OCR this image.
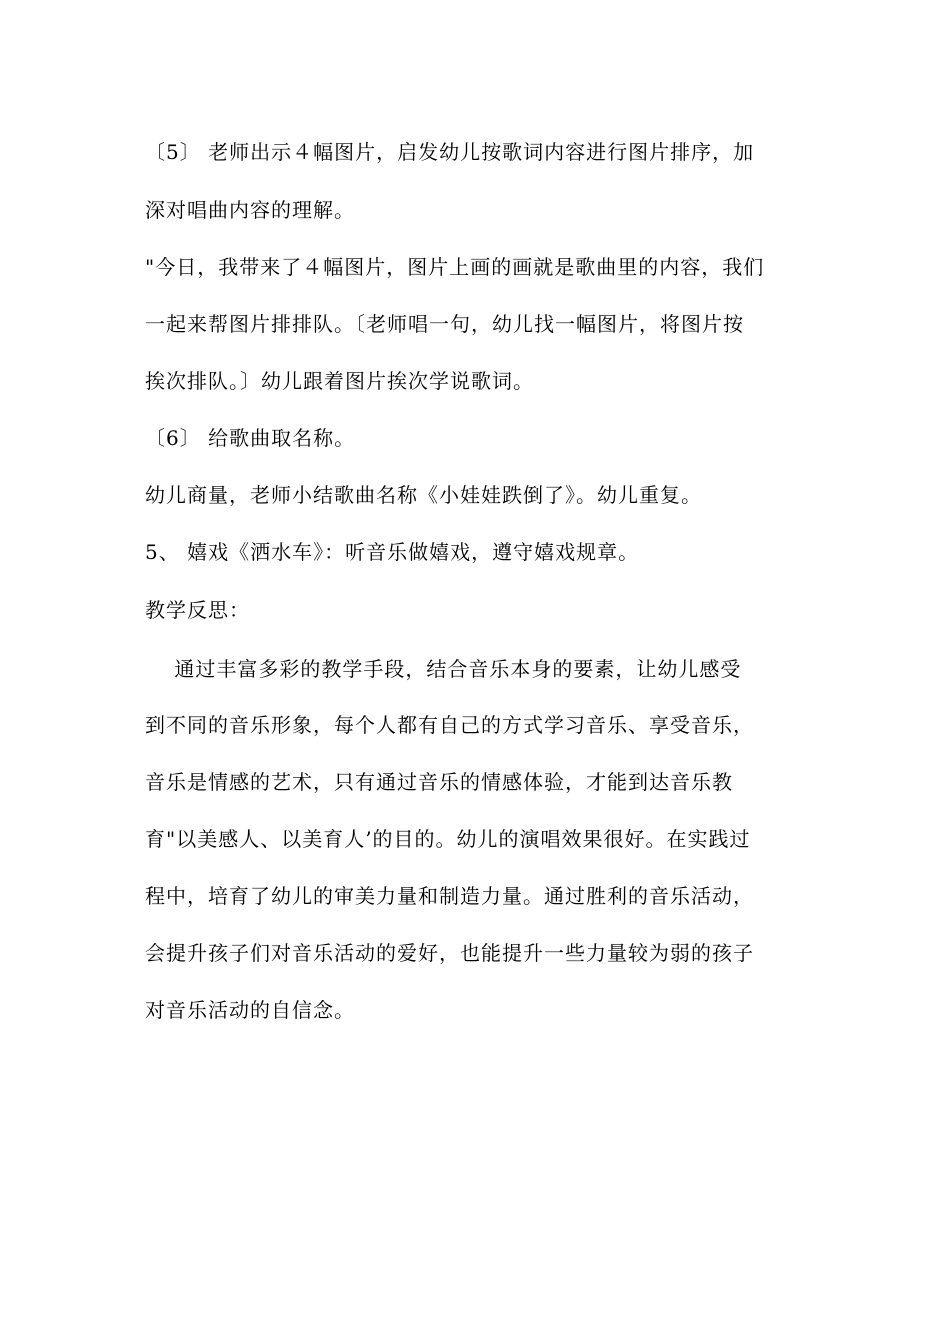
〔5〕 老师出示４幅图片，启发幼儿按歌词内容进行图片排序，加
深对唱曲内容的理解。
"今日，我带来了４幅图片，图片上画的画就是歌曲里的内容，我们
一起来帮图片排排队。〔老师唱一句，幼儿找一幅图片，将图片按
挨次排队。〕幼儿跟着图片挨次学说歌词。
〔6〕 给歌曲取名称。
幼儿商量，老师小结歌曲名称《小娃娃跌倒了》。幼儿重复。
5、 嬉戏《洒水车》：听音乐做嬉戏，遵守嬉戏规章。
教学反思：
通过丰富多彩的教学手段，结合音乐本身的要素，让幼儿感受
到不同的音乐形象，每个人都有自己的方式学习音乐、享受音乐，
音乐是情感的艺术，只有通过音乐的情感体验，才能到达音乐教
育"以美感人、以美育人’的目的。幼儿的演唱效果很好。在实践过
程中，培育了幼儿的审美力量和制造力量。通过胜利的音乐活动，
会提升孩子们对音乐活动的爱好，也能提升一些力量较为弱的孩子
对音乐活动的自信念。
